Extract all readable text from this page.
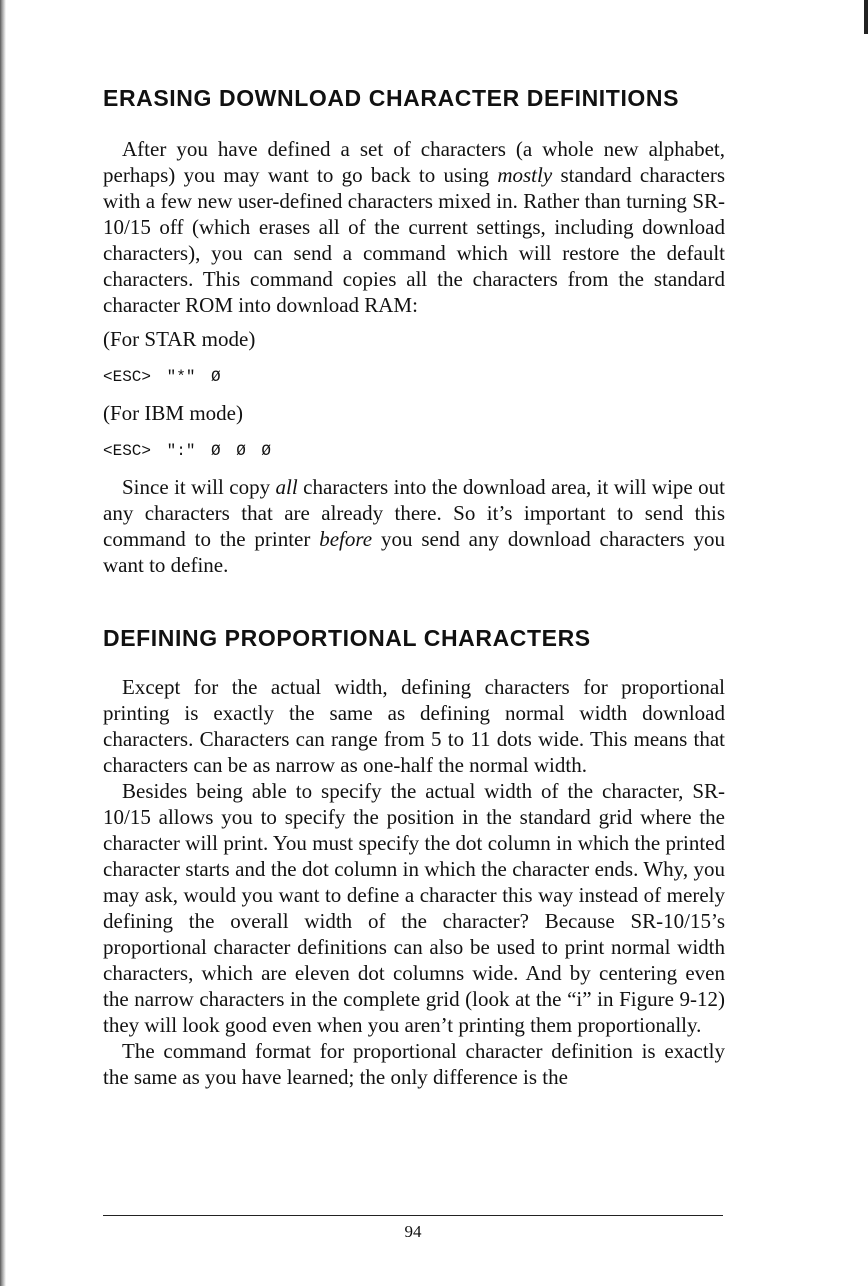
ERASING DOWNLOAD CHARACTER DEFINITIONS

After you have defined a set of characters (a whole new alphabet, perhaps) you may want to go back to using mostly standard characters with a few new user-defined characters mixed in. Rather than turning SR-10/15 off (which erases all of the current settings, including download characters), you can send a command which will restore the default characters. This command copies all the characters from the standard character ROM into download RAM:

(For STAR mode)
<ESC> "*" Ø
(For IBM mode)
<ESC> ":" Ø Ø Ø

Since it will copy all characters into the download area, it will wipe out any characters that are already there. So it’s important to send this command to the printer before you send any download characters you want to define.

DEFINING PROPORTIONAL CHARACTERS

Except for the actual width, defining characters for proportional printing is exactly the same as defining normal width download characters. Characters can range from 5 to 11 dots wide. This means that characters can be as narrow as one-half the normal width.

Besides being able to specify the actual width of the character, SR-10/15 allows you to specify the position in the standard grid where the character will print. You must specify the dot column in which the printed character starts and the dot column in which the character ends. Why, you may ask, would you want to define a character this way instead of merely defining the overall width of the character? Because SR-10/15’s proportional character definitions can also be used to print normal width characters, which are eleven dot columns wide. And by centering even the narrow characters in the complete grid (look at the “i” in Figure 9-12) they will look good even when you aren’t printing them proportionally.

The command format for proportional character definition is exactly the same as you have learned; the only difference is the

94
